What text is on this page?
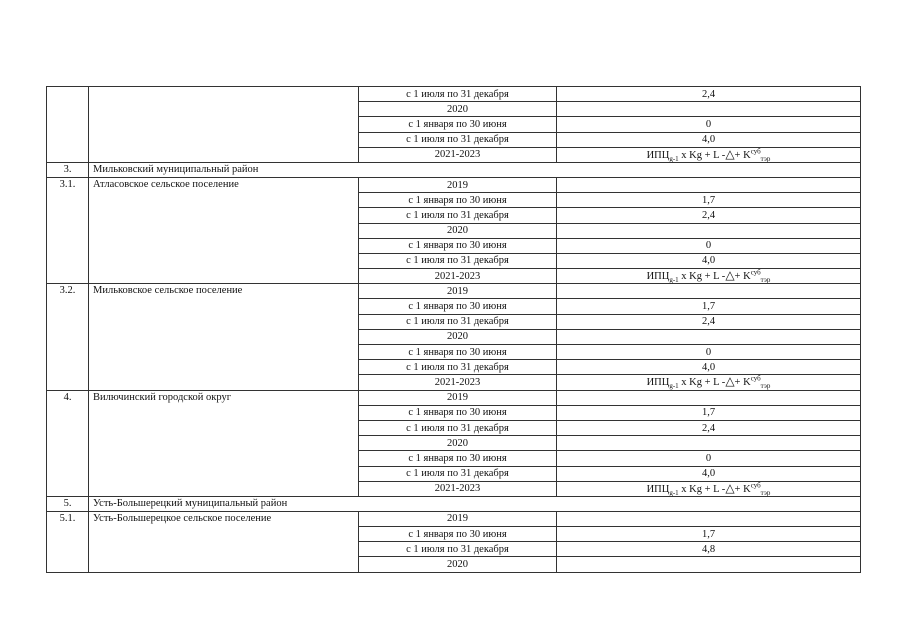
		с 1 июля по 31 декабря	2,4
		2020	
		с 1 января по 30 июня	0
		с 1 июля по 31 декабря	4,0
		2021-2023	$ИПЦ_{g-1}$ x Kg + L -△+ $K^{суб}_{тэр}$
3.	Мильковский муниципальный район		
3.1.	Атласовское сельское поселение	2019	
		с 1 января по 30 июня	1,7
		с 1 июля по 31 декабря	2,4
		2020	
		с 1 января по 30 июня	0
		с 1 июля по 31 декабря	4,0
		2021-2023	$ИПЦ_{g-1}$ x Kg + L -△+ $K^{суб}_{тэр}$
3.2.	Мильковское сельское поселение	2019	
		с 1 января по 30 июня	1,7
		с 1 июля по 31 декабря	2,4
		2020	
		с 1 января по 30 июня	0
		с 1 июля по 31 декабря	4,0
		2021-2023	$ИПЦ_{g-1}$ x Kg + L -△+ $K^{суб}_{тэр}$
4.	Вилючинский городской округ	2019	
		с 1 января по 30 июня	1,7
		с 1 июля по 31 декабря	2,4
		2020	
		с 1 января по 30 июня	0
		с 1 июля по 31 декабря	4,0
		2021-2023	$ИПЦ_{g-1}$ x Kg + L -△+ $K^{суб}_{тэр}$
5.	Усть-Большерецкий муниципальный район		
5.1.	Усть-Большерецкое сельское поселение	2019	
		с 1 января по 30 июня	1,7
		с 1 июля по 31 декабря	4,8
		2020	
